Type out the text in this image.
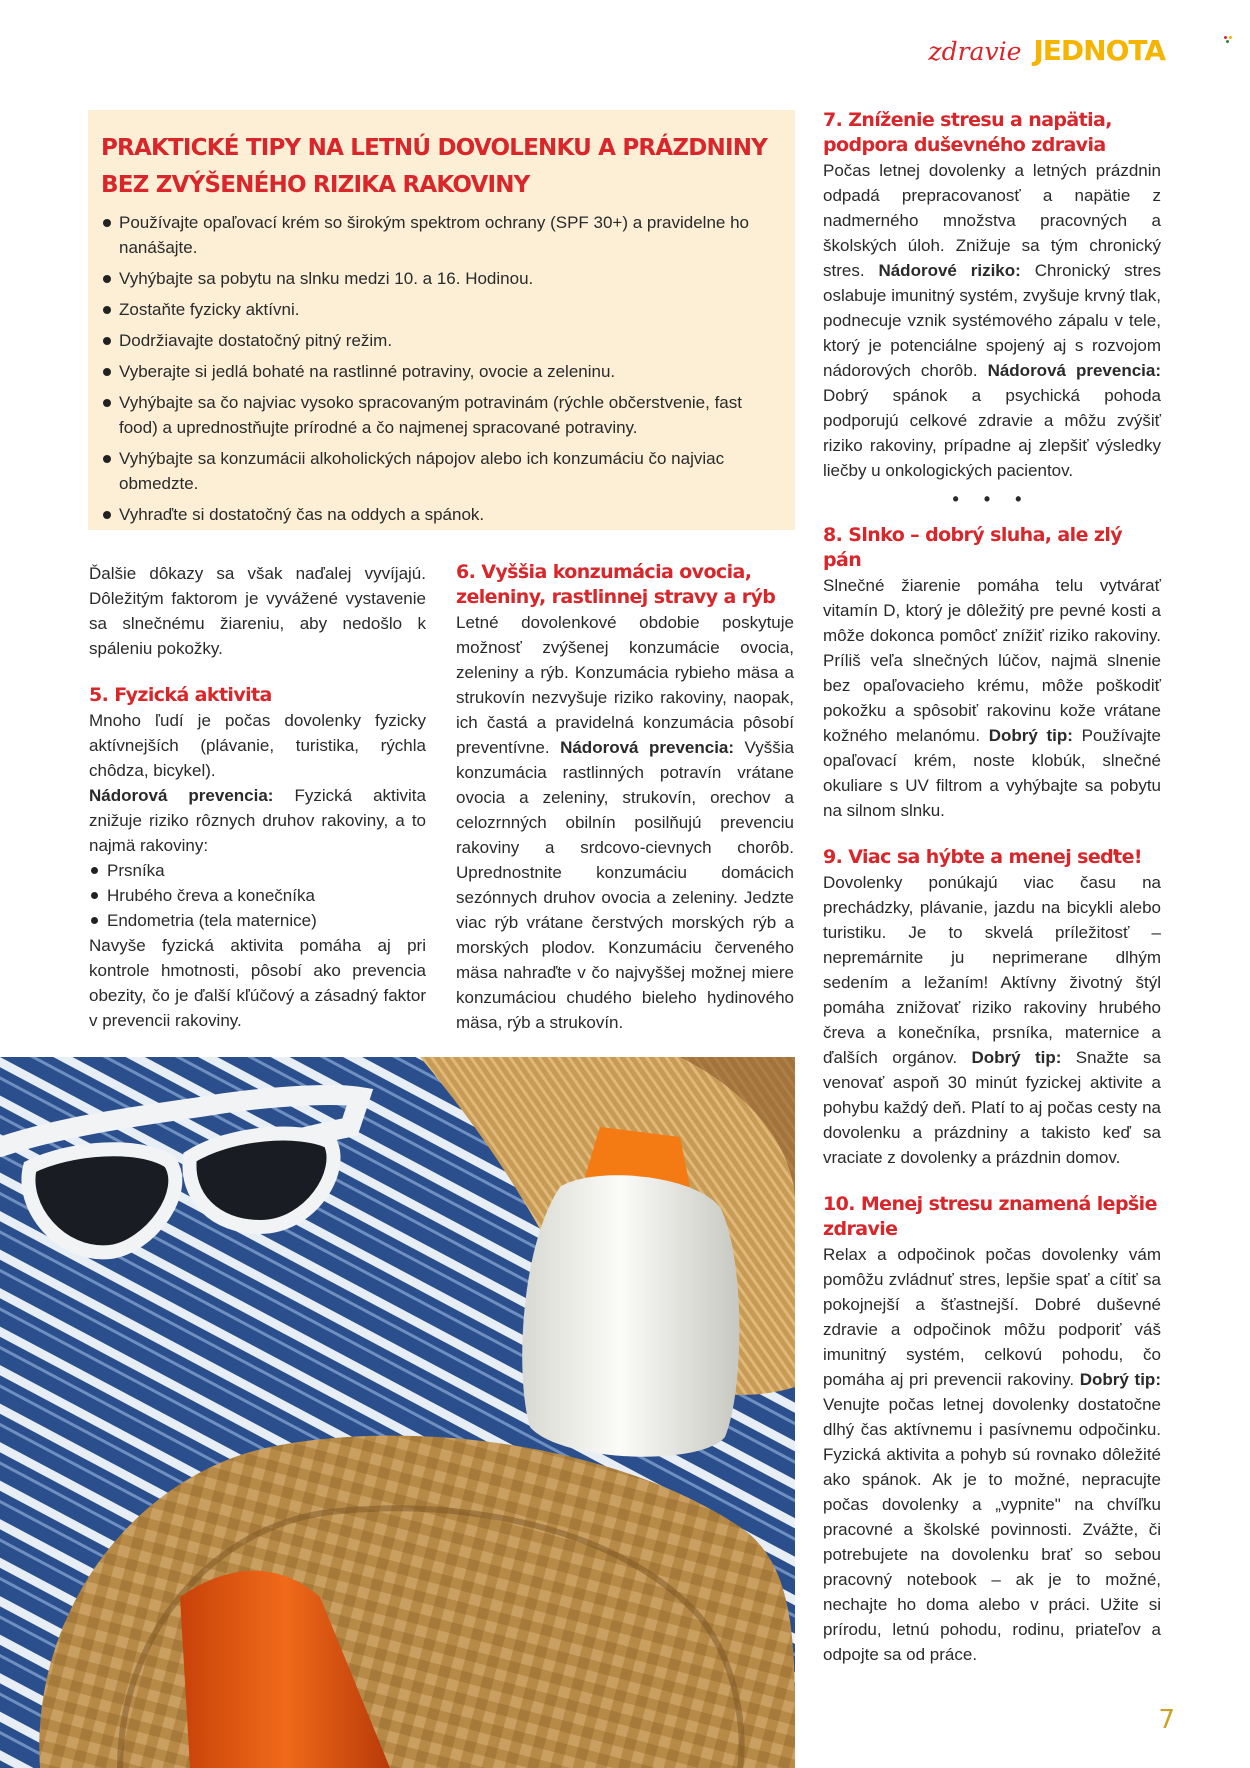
zdravie JEDNOTA
PRAKTICKÉ TIPY NA LETNÚ DOVOLENKU A PRÁZDNINY
BEZ ZVÝŠENÉHO RIZIKA RAKOVINY
Používajte opaľovací krém so širokým spektrom ochrany (SPF 30+) a pravidelne ho nanášajte.
Vyhýbajte sa pobytu na slnku medzi 10. a 16. Hodinou.
Zostaňte fyzicky aktívni.
Dodržiavajte dostatočný pitný režim.
Vyberajte si jedlá bohaté na rastlinné potraviny, ovocie a zeleninu.
Vyhýbajte sa čo najviac vysoko spracovaným potravinám (rýchle občerstvenie, fast food) a uprednostňujte prírodné a čo najmenej spracované potraviny.
Vyhýbajte sa konzumácii alkoholických nápojov alebo ich konzumáciu čo najviac obmedzte.
Vyhraďte si dostatočný čas na oddych a spánok.

Ďalšie dôkazy sa však naďalej vyvíjajú. Dôležitým faktorom je vyvážené vystavenie sa slnečnému žiareniu, aby nedošlo k spáleniu pokožky.

5. Fyzická aktivita

Mnoho ľudí je počas dovolenky fyzicky aktívnejších (plávanie, turistika, rýchla chôdza, bicykel).

Nádorová prevencia: Fyzická aktivita znižuje riziko rôznych druhov rakoviny, a to najmä rakoviny:

Prsníka
Hrubého čreva a konečníka
Endometria (tela maternice)

Navyše fyzická aktivita pomáha aj pri kontrole hmotnosti, pôsobí ako prevencia obezity, čo je ďalší kľúčový a zásadný faktor v prevencii rakoviny.

6. Vyššia konzumácia ovocia, zeleniny, rastlinnej stravy a rýb

Letné dovolenkové obdobie poskytuje možnosť zvýšenej konzumácie ovocia, zeleniny a rýb. Konzumácia rybieho mäsa a strukovín nezvyšuje riziko rakoviny, naopak, ich častá a pravidelná konzumácia pôsobí preventívne. Nádorová prevencia: Vyššia konzumácia rastlinných potravín vrátane ovocia a zeleniny, strukovín, orechov a celozrnných obilnín posilňujú prevenciu rakoviny a srdcovo-cievnych chorôb. Uprednostnite konzumáciu domácich sezónnych druhov ovocia a zeleniny. Jedzte viac rýb vrátane čerstvých morských rýb a morských plodov. Konzumáciu červeného mäsa nahraďte v čo najvyššej možnej miere konzumáciou chudého bieleho hydinového mäsa, rýb a strukovín.

7. Zníženie stresu a napätia, podpora duševného zdravia

Počas letnej dovolenky a letných prázdnin odpadá prepracovanosť a napätie z nadmerného množstva pracovných a školských úloh. Znižuje sa tým chronický stres. Nádorové riziko: Chronický stres oslabuje imunitný systém, zvyšuje krvný tlak, podnecuje vznik systémového zápalu v tele, ktorý je potenciálne spojený aj s rozvojom nádorových chorôb. Nádorová prevencia: Dobrý spánok a psychická pohoda podporujú celkové zdravie a môžu zvýšiť riziko rakoviny, prípadne aj zlepšiť výsledky liečby u onkologických pacientov.

• • •
8. Slnko – dobrý sluha, ale zlý pán

Slnečné žiarenie pomáha telu vytvárať vitamín D, ktorý je dôležitý pre pevné kosti a môže dokonca pomôcť znížiť riziko rakoviny. Príliš veľa slnečných lúčov, najmä slnenie bez opaľovacieho krému, môže poškodiť pokožku a spôsobiť rakovinu kože vrátane kožného melanómu. Dobrý tip: Používajte opaľovací krém, noste klobúk, slnečné okuliare s UV filtrom a vyhýbajte sa pobytu na silnom slnku.

9. Viac sa hýbte a menej seďte!

Dovolenky ponúkajú viac času na prechádzky, plávanie, jazdu na bicykli alebo turistiku. Je to skvelá príležitosť – nepremárnite ju neprimerane dlhým sedením a ležaním! Aktívny životný štýl pomáha znižovať riziko rakoviny hrubého čreva a konečníka, prsníka, maternice a ďalších orgánov. Dobrý tip: Snažte sa venovať aspoň 30 minút fyzickej aktivite a pohybu každý deň. Platí to aj počas cesty na dovolenku a prázdniny a takisto keď sa vraciate z dovolenky a prázdnin domov.

10. Menej stresu znamená lepšie zdravie

Relax a odpočinok počas dovolenky vám pomôžu zvládnuť stres, lepšie spať a cítiť sa pokojnejší a šťastnejší. Dobré duševné zdravie a odpočinok môžu podporiť váš imunitný systém, celkovú pohodu, čo pomáha aj pri prevencii rakoviny. Dobrý tip: Venujte počas letnej dovolenky dostatočne dlhý čas aktívnemu i pasívnemu odpočinku. Fyzická aktivita a pohyb sú rovnako dôležité ako spánok. Ak je to možné, nepracujte počas dovolenky a „vypnite" na chvíľku pracovné a školské povinnosti. Zvážte, či potrebujete na dovolenku brať so sebou pracovný notebook – ak je to možné, nechajte ho doma alebo v práci. Užite si prírodu, letnú pohodu, rodinu, priateľov a odpojte sa od práce.

7
